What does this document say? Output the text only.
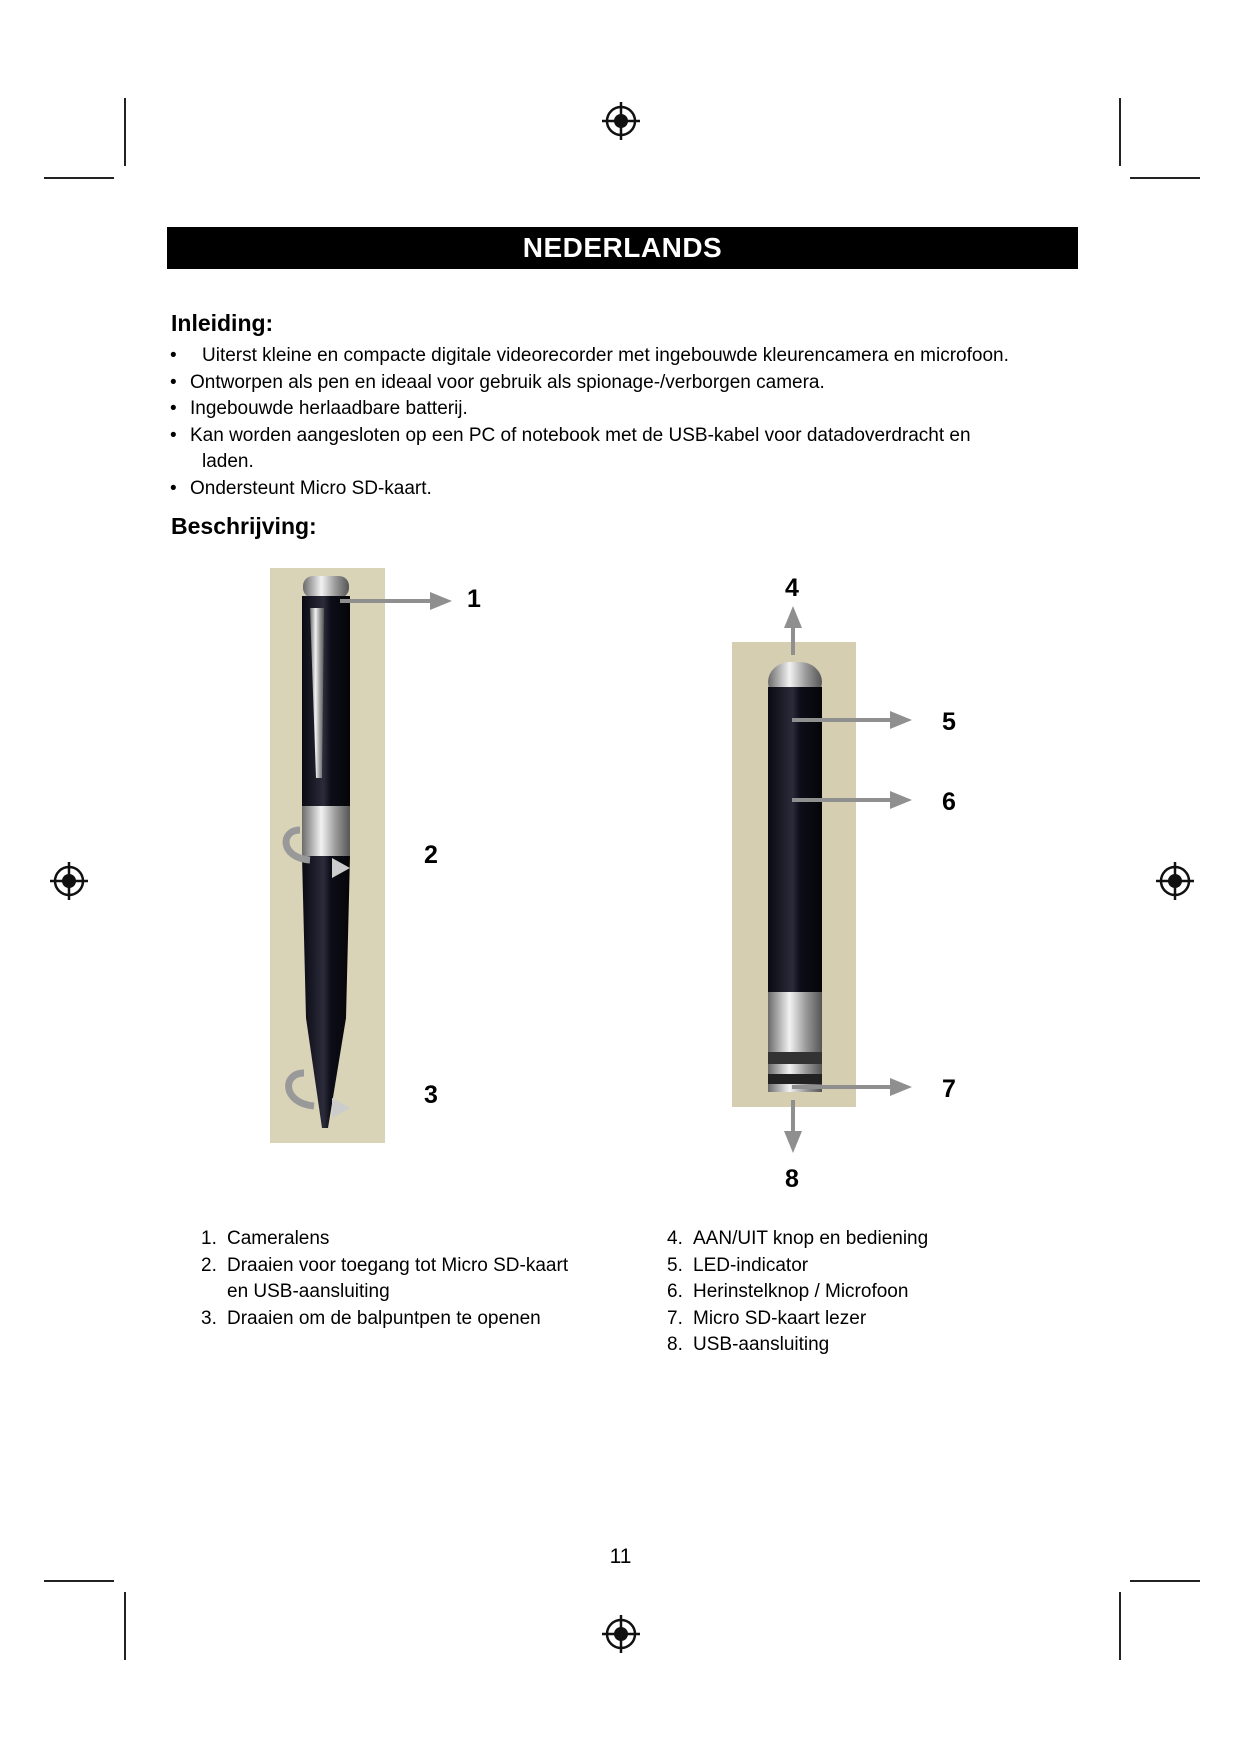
NEDERLANDS
Inleiding:
• Uiterst kleine en compacte digitale videorecorder met ingebouwde kleurencamera en microfoon.
• Ontworpen als pen en ideaal voor gebruik als spionage-/verborgen camera.
• Ingebouwde herlaadbare batterij.
• Kan worden aangesloten op een PC of notebook met de USB-kabel voor datadoverdracht en
laden.
• Ondersteunt Micro SD-kaart.
Beschrijving:
1
2
3
4
5
6
7
8
1. Cameralens
2. Draaien voor toegang tot Micro SD-kaart
en USB-aansluiting
3. Draaien om de balpuntpen te openen
4. AAN/UIT knop en bediening
5. LED-indicator
6. Herinstelknop / Microfoon
7. Micro SD-kaart lezer
8. USB-aansluiting
11
